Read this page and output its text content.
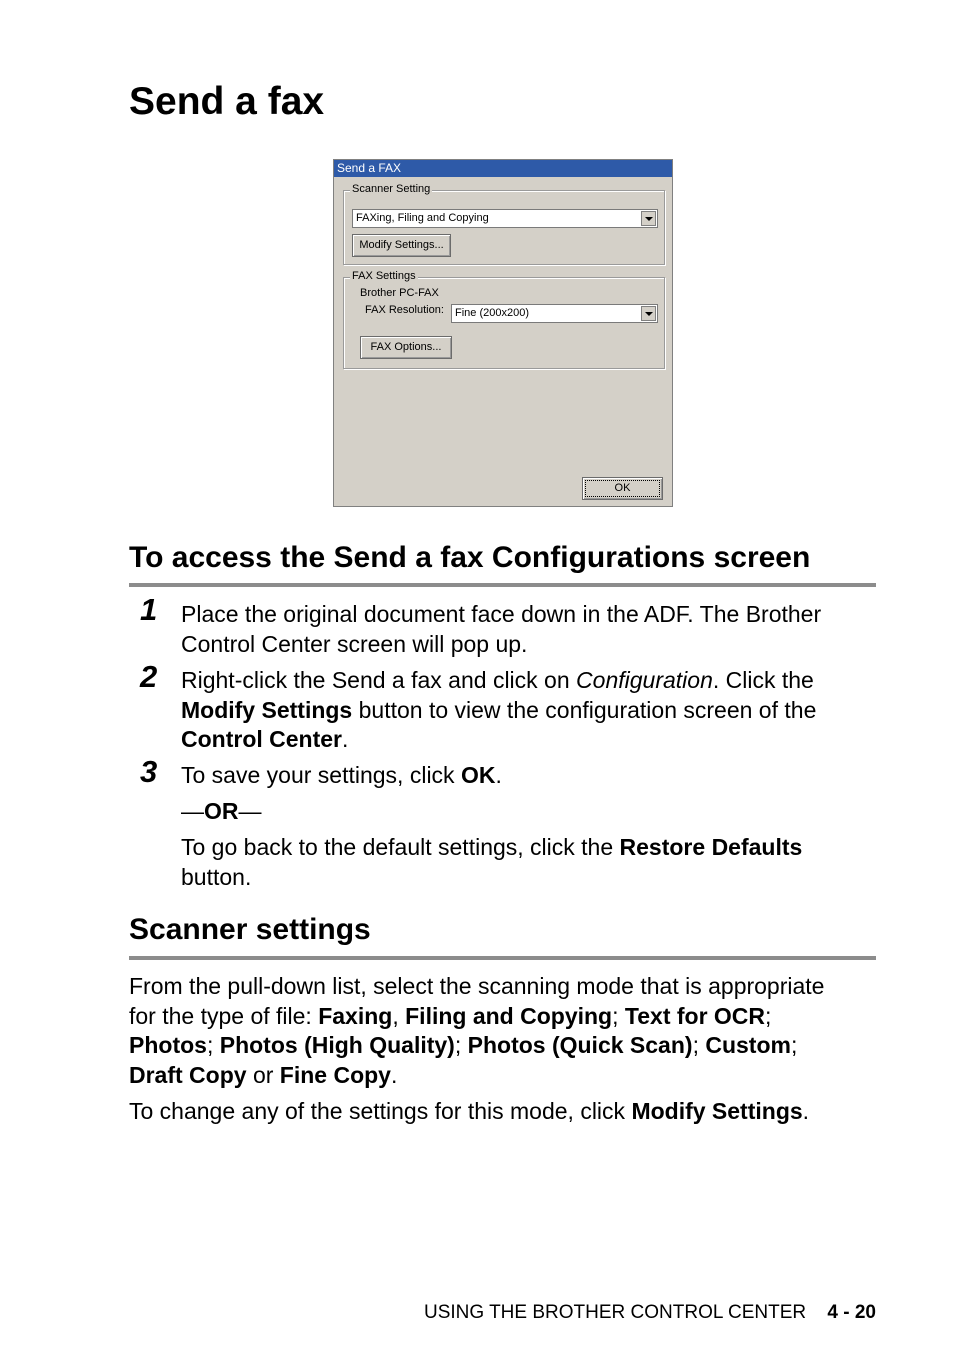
Send a fax
Send a FAX
Scanner Setting
FAXing, Filing and Copying
Modify Settings...
FAX Settings
Brother PC-FAX
FAX Resolution:	Fine (200x200)
FAX Options...
OK
To access the Send a fax Configurations screen
1 Place the original document face down in the ADF. The Brother
Control Center screen will pop up.
2 Right-click the Send a fax and click on Configuration. Click the
Modify Settings button to view the configuration screen of the
Control Center.
3 To save your settings, click OK.
—OR—
To go back to the default settings, click the Restore Defaults
button.
Scanner settings
From the pull-down list, select the scanning mode that is appropriate
for the type of file: Faxing, Filing and Copying; Text for OCR;
Photos; Photos (High Quality); Photos (Quick Scan); Custom;
Draft Copy or Fine Copy.
To change any of the settings for this mode, click Modify Settings.
USING THE BROTHER CONTROL CENTER 4 - 20
